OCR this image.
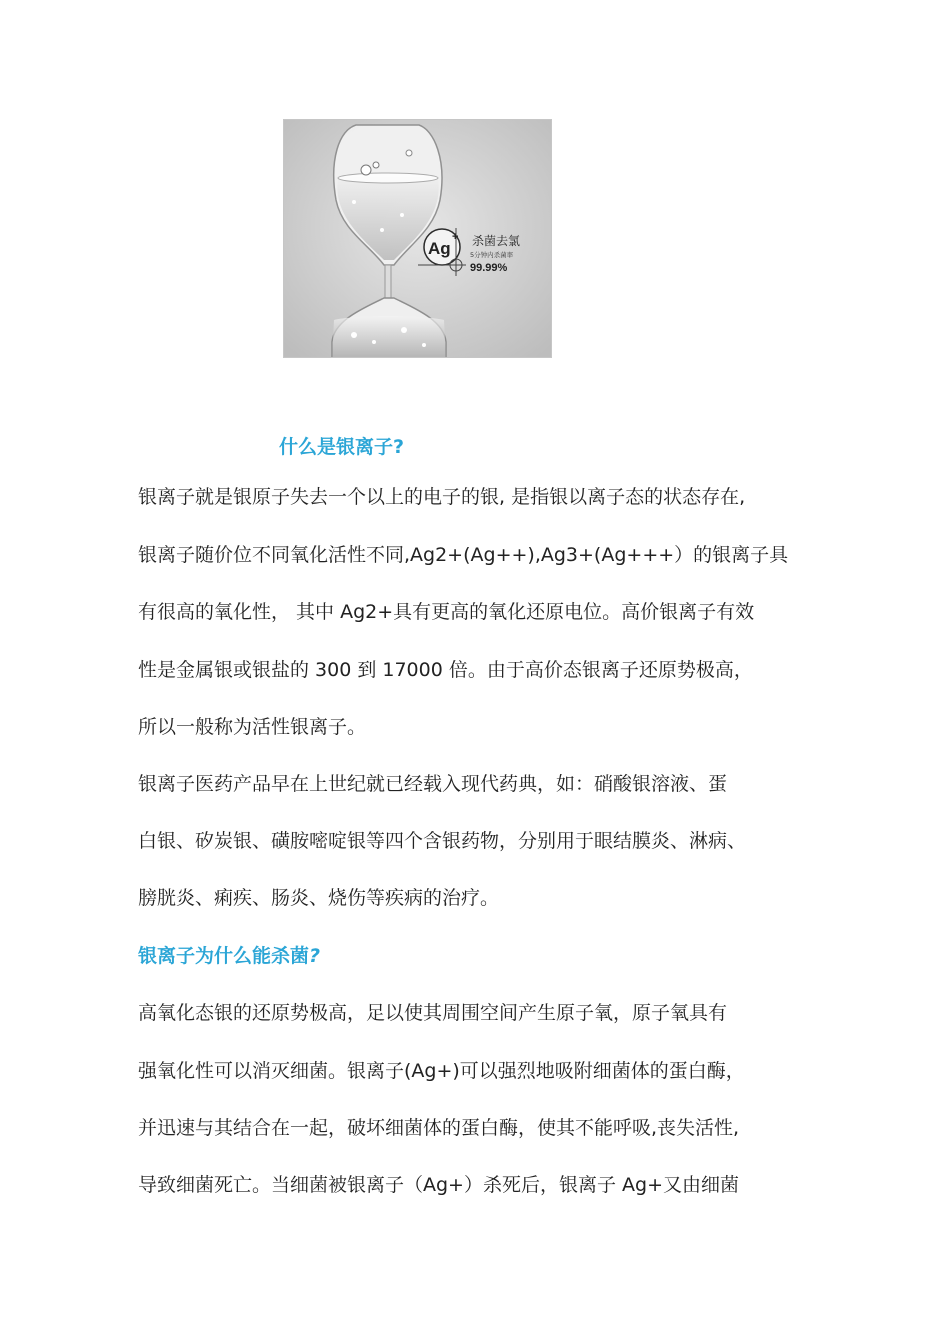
Ag
+ 杀菌去氯
5分钟内杀菌率
99.99%
什么是银离子?
银离子就是银原子失去一个以上的电子的银, 是指银以离子态的状态存在,
银离子随价位不同氧化活性不同,Ag2+(Ag++),Ag3+(Ag+++）的银离子具
有很高的氧化性， 其中 Ag2+具有更高的氧化还原电位。高价银离子有效
性是金属银或银盐的 300 到 17000 倍。由于高价态银离子还原势极高，
所以一般称为活性银离子。
银离子医药产品早在上世纪就已经载入现代药典，如：硝酸银溶液、蛋
白银、矽炭银、磺胺嘧啶银等四个含银药物，分别用于眼结膜炎、淋病、
膀胱炎、痢疾、肠炎、烧伤等疾病的治疗。
银离子为什么能杀菌?
高氧化态银的还原势极高，足以使其周围空间产生原子氧，原子氧具有
强氧化性可以消灭细菌。银离子(Ag+)可以强烈地吸附细菌体的蛋白酶，
并迅速与其结合在一起，破坏细菌体的蛋白酶，使其不能呼吸,丧失活性,
导致细菌死亡。当细菌被银离子（Ag+）杀死后，银离子 Ag+又由细菌
